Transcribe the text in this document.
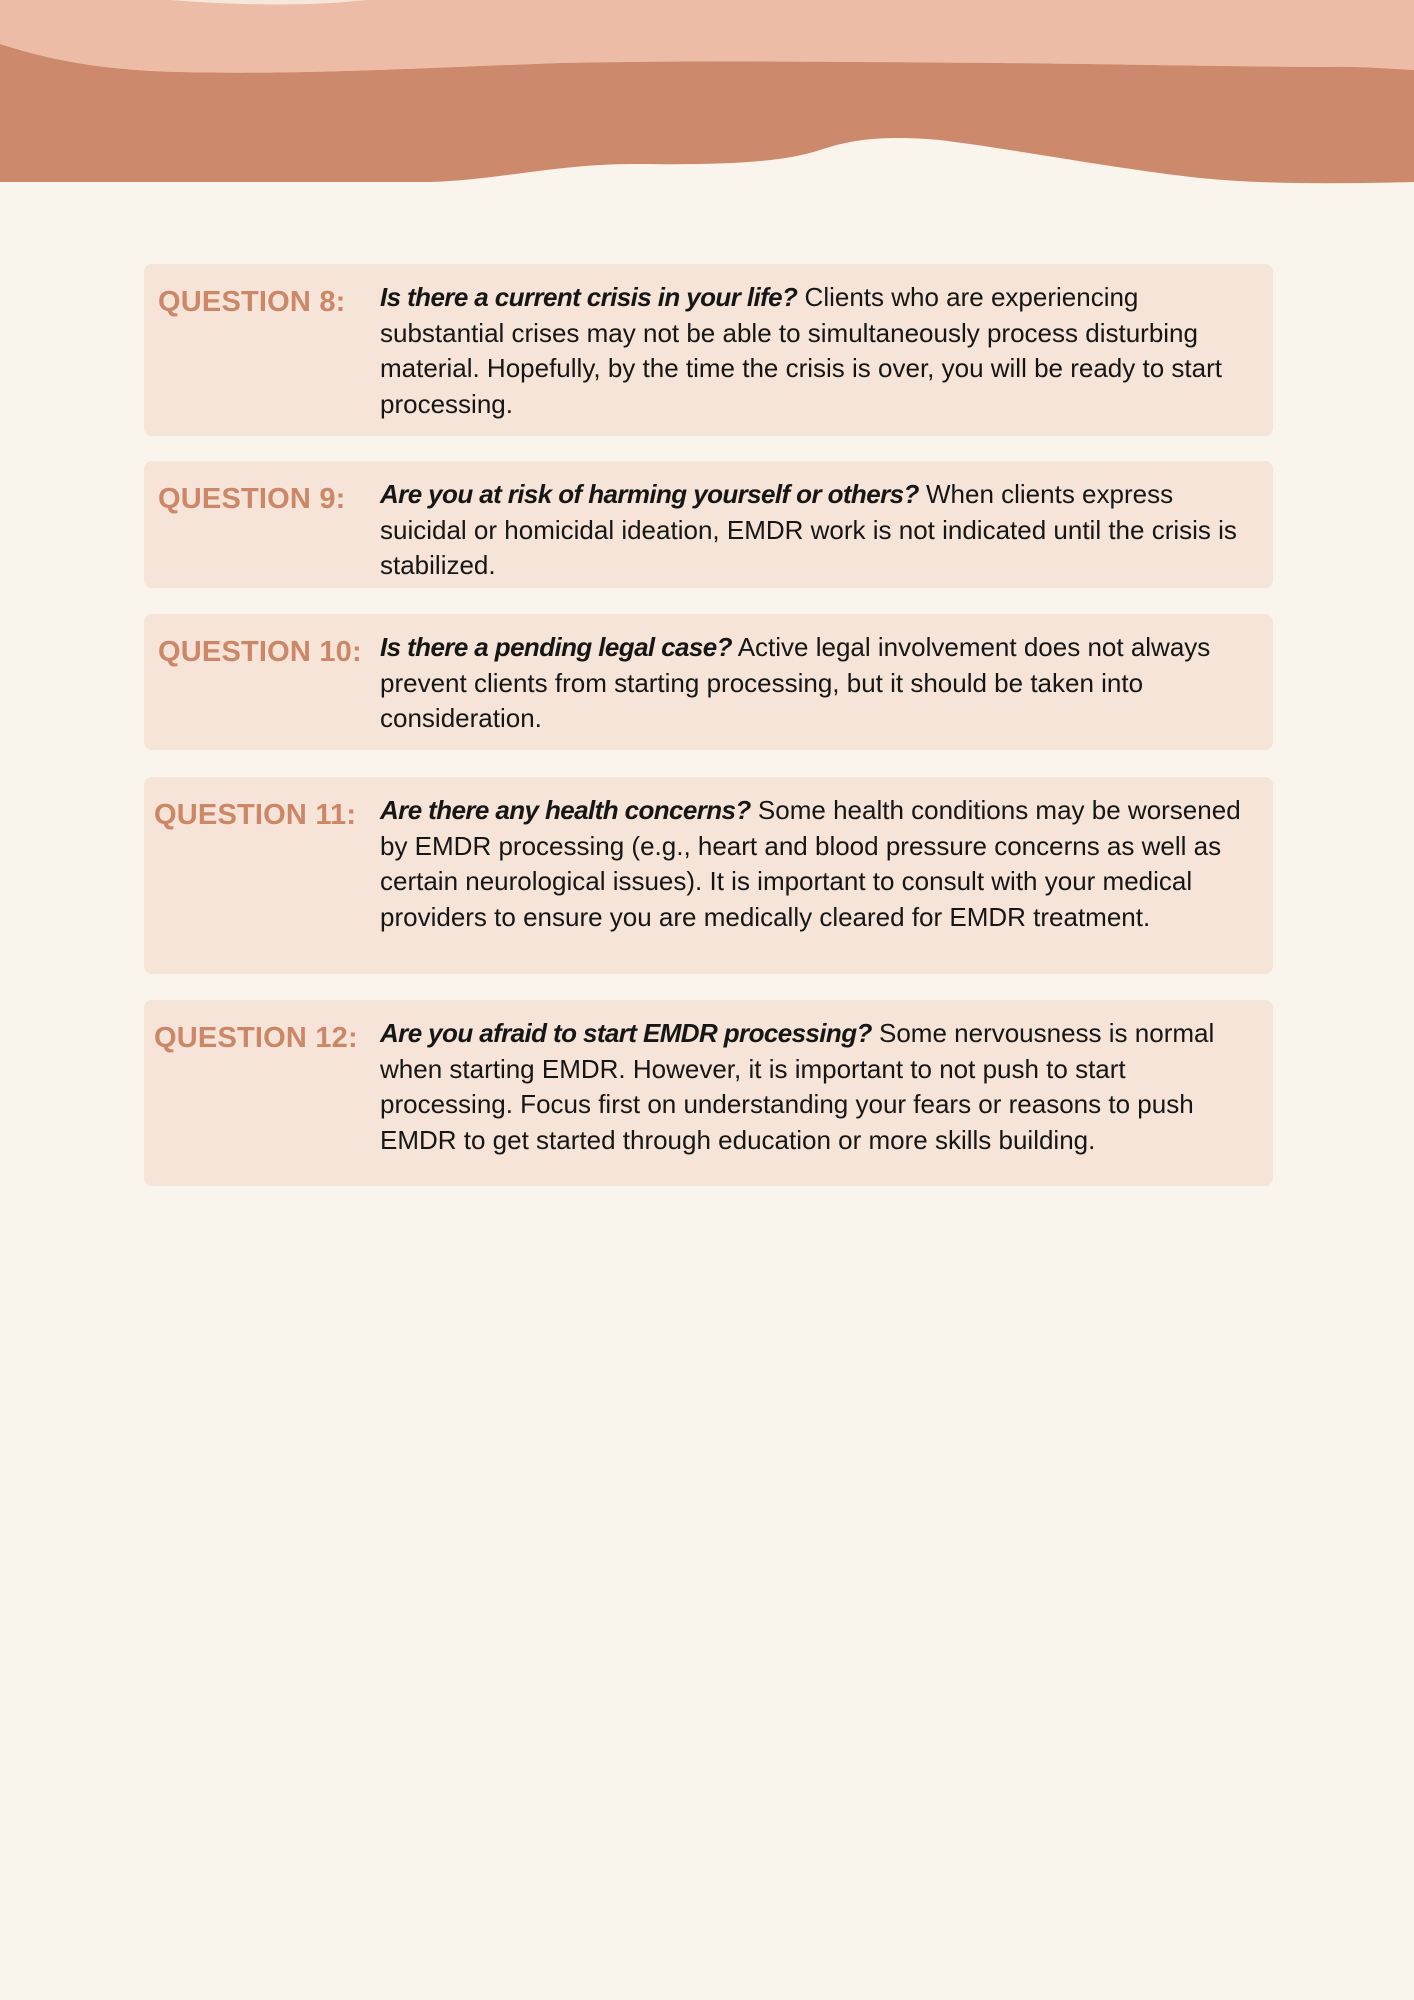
QUESTION 8: Is there a current crisis in your life? Clients who are experiencing substantial crises may not be able to simultaneously process disturbing material. Hopefully, by the time the crisis is over, you will be ready to start processing.
QUESTION 9: Are you at risk of harming yourself or others? When clients express suicidal or homicidal ideation, EMDR work is not indicated until the crisis is stabilized.
QUESTION 10: Is there a pending legal case? Active legal involvement does not always prevent clients from starting processing, but it should be taken into consideration.
QUESTION 11: Are there any health concerns? Some health conditions may be worsened by EMDR processing (e.g., heart and blood pressure concerns as well as certain neurological issues). It is important to consult with your medical providers to ensure you are medically cleared for EMDR treatment.
QUESTION 12: Are you afraid to start EMDR processing? Some nervousness is normal when starting EMDR. However, it is important to not push to start processing. Focus first on understanding your fears or reasons to push EMDR to get started through education or more skills building.
